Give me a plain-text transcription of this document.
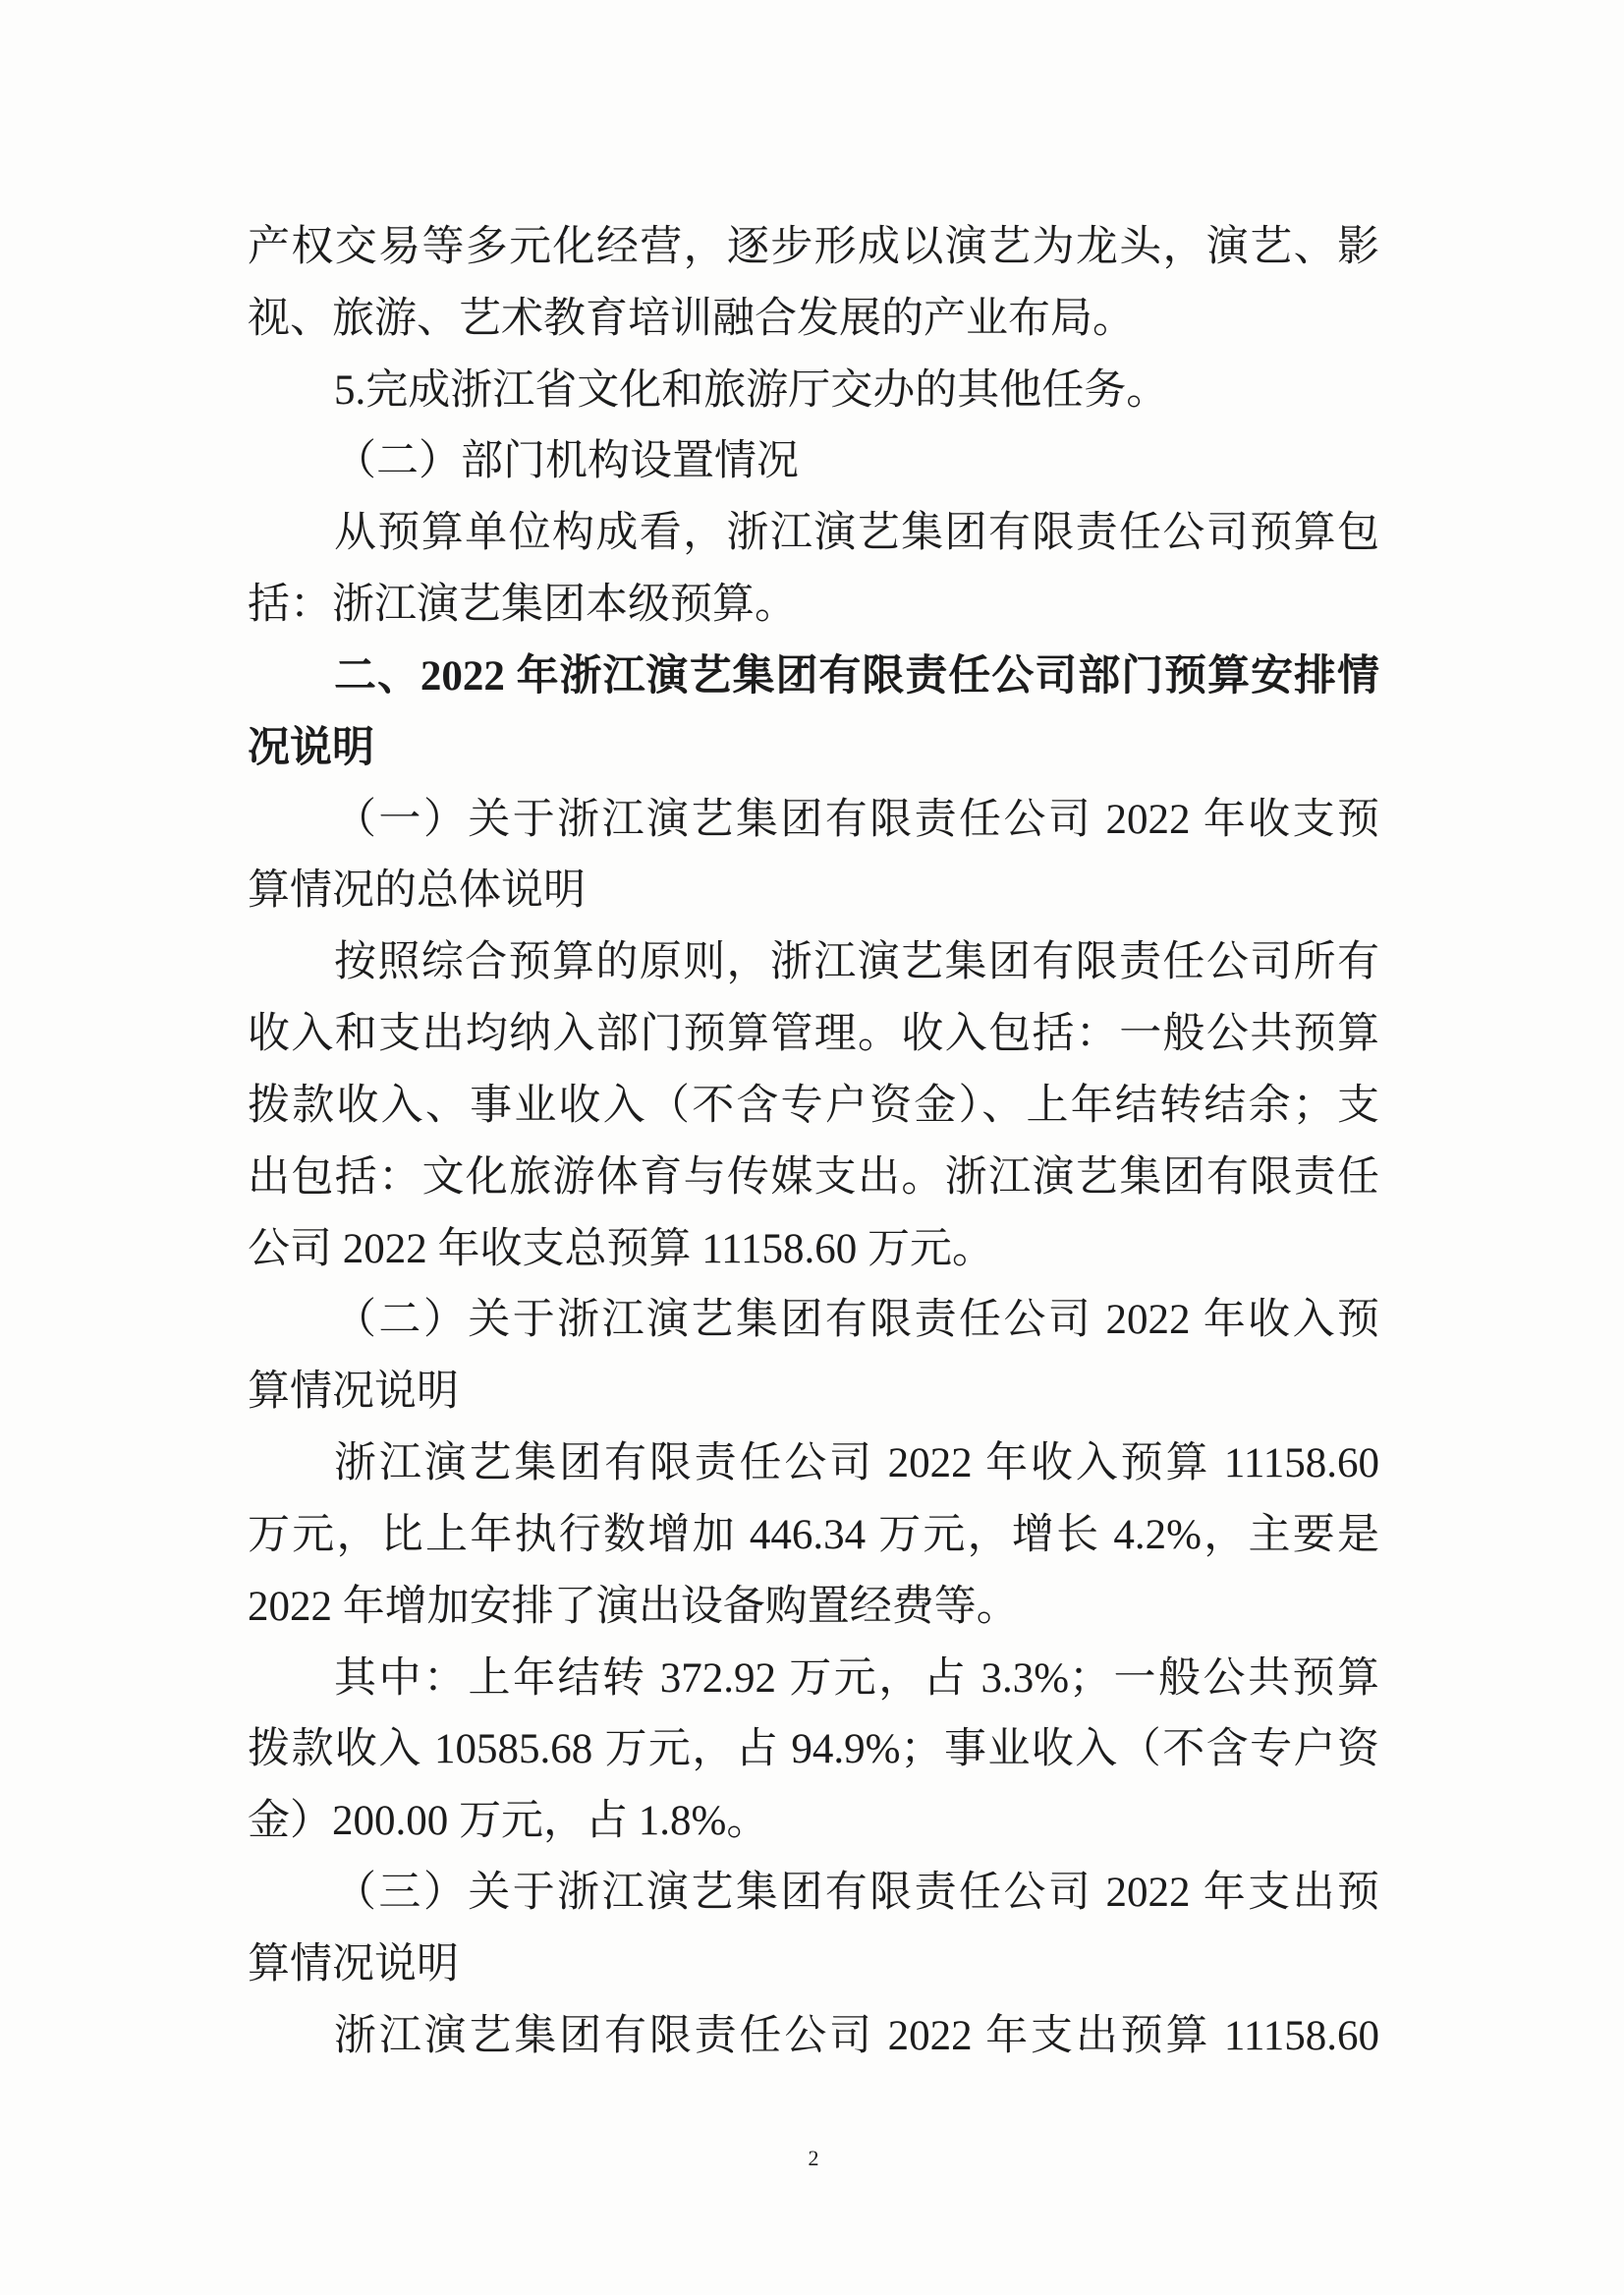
产权交易等多元化经营，逐步形成以演艺为龙头，演艺、影
视、旅游、艺术教育培训融合发展的产业布局。
5.完成浙江省文化和旅游厅交办的其他任务。
（二）部门机构设置情况
从预算单位构成看，浙江演艺集团有限责任公司预算包
括：浙江演艺集团本级预算。
二、2022 年浙江演艺集团有限责任公司部门预算安排情
况说明
（一）关于浙江演艺集团有限责任公司 2022 年收支预
算情况的总体说明
按照综合预算的原则，浙江演艺集团有限责任公司所有
收入和支出均纳入部门预算管理。收入包括：一般公共预算
拨款收入、事业收入（不含专户资金）、上年结转结余；支
出包括：文化旅游体育与传媒支出。浙江演艺集团有限责任
公司 2022 年收支总预算 11158.60 万元。
（二）关于浙江演艺集团有限责任公司 2022 年收入预
算情况说明
浙江演艺集团有限责任公司 2022 年收入预算 11158.60
万元，比上年执行数增加 446.34 万元，增长 4.2%，主要是
2022 年增加安排了演出设备购置经费等。
其中：上年结转 372.92 万元，占 3.3%；一般公共预算
拨款收入 10585.68 万元，占 94.9%；事业收入（不含专户资
金）200.00 万元，占 1.8%。
（三）关于浙江演艺集团有限责任公司 2022 年支出预
算情况说明
浙江演艺集团有限责任公司 2022 年支出预算 11158.60
2
